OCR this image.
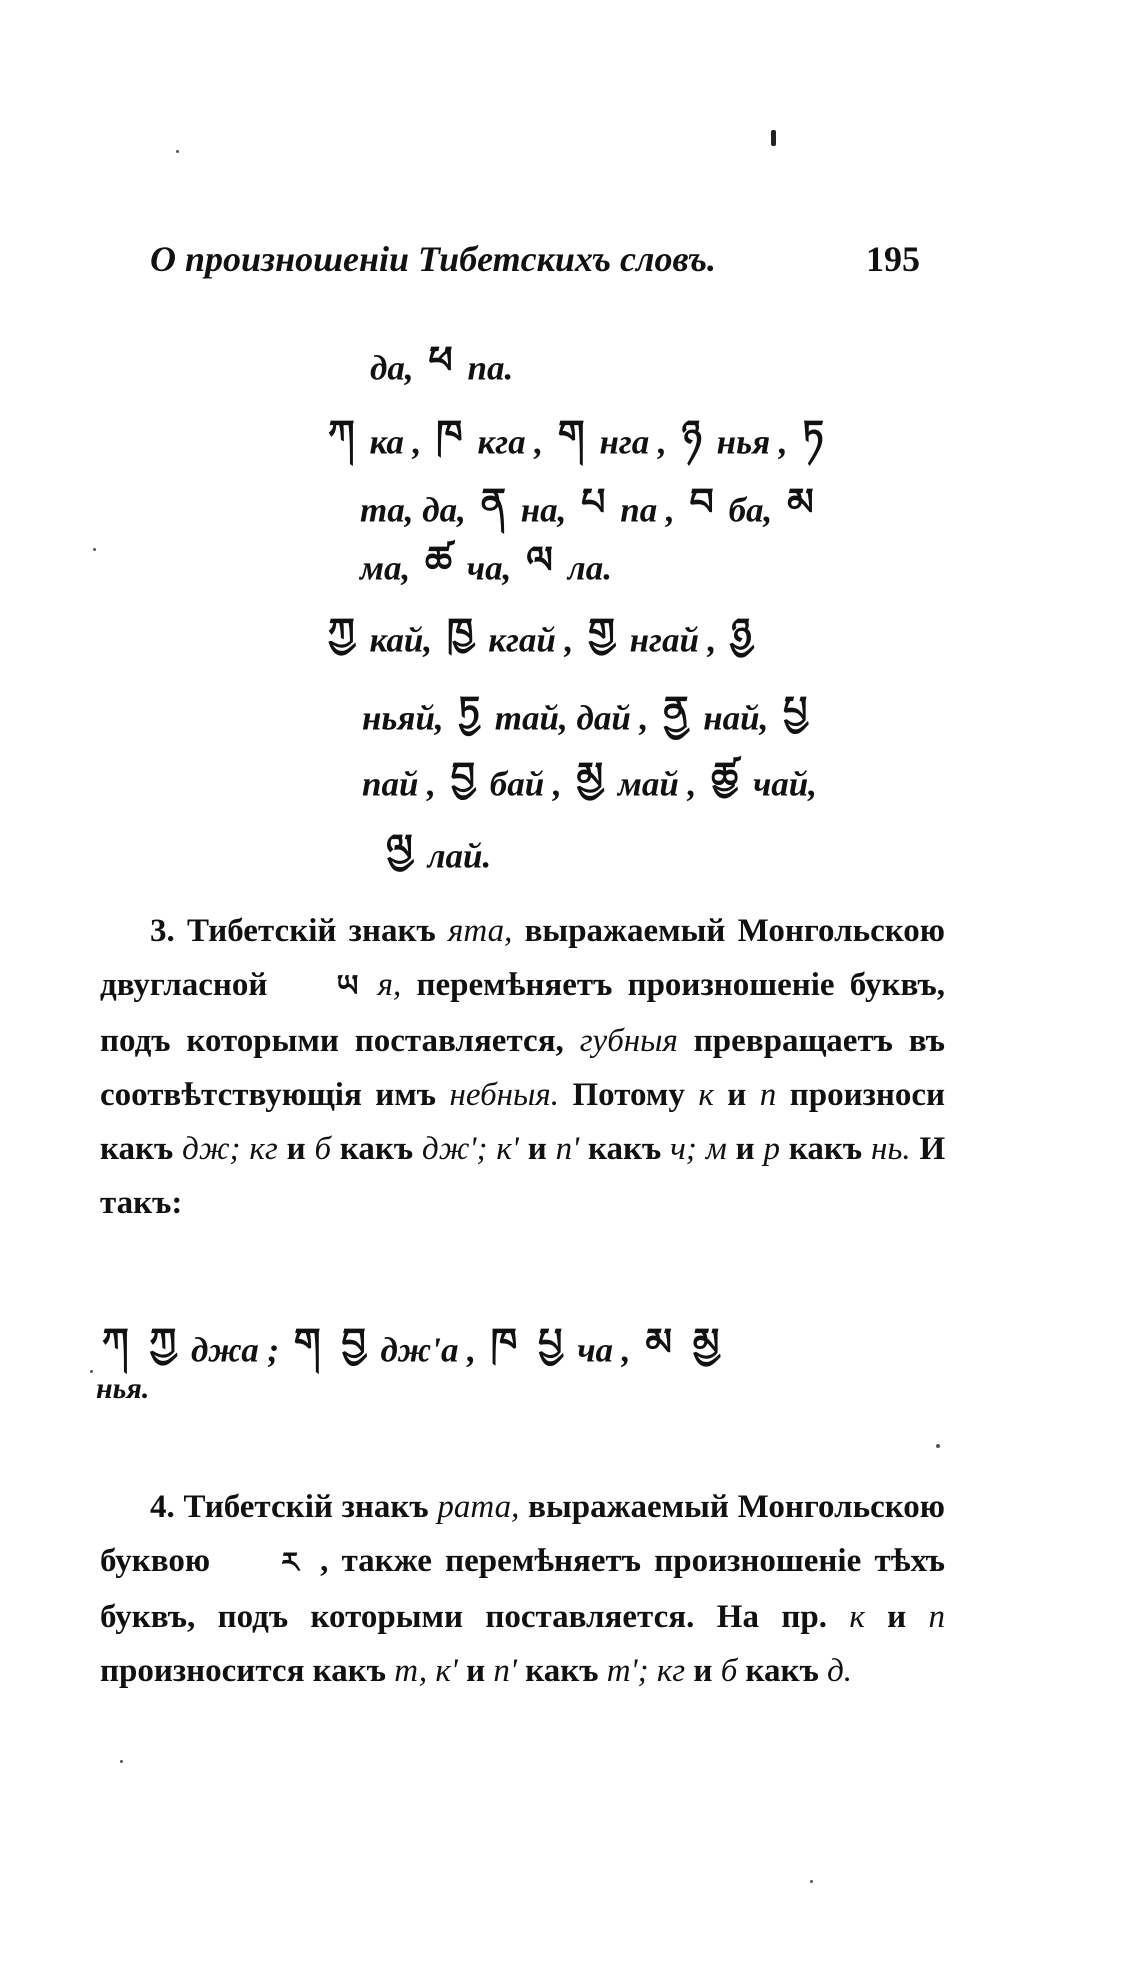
О произношеніи Тибетскихъ словъ.	195
да, ཕ па.
ཀ ка , ཁ кга , ག нга , ཉ нья , ཏ
та, да, ན на, པ па , བ ба, མ
ма, ཚ ча, ལ ла.
ཀྱ кай, ཁྱ кгай , གྱ нгай , ཉྱ
ньяй, ཏྱ тай, дай , ནྱ най, པྱ
пай , བྱ бай , མྱ май , ཚྱ чай,
ལྱ лай.
3. Тибетскій знакъ ята, выражаемый Монгольскою двугласной ཡ я, перемѣняетъ произношеніе буквъ, подъ которыми поставляется, губныя превращаетъ въ соотвѣтствующія имъ небныя. Потому к и п произноси какъ дж; кг и б какъ дж'; к' и п' какъ ч; м и р какъ нь. И такъ:
ཀ ཀྱ джа ; ག བྱ дж'а , ཁ པྱ ча , མ མྱ
нья.
4. Тибетскій знакъ рата, выражаемый Монгольскою буквою	ར , также перемѣняетъ произношеніе тѣхъ буквъ, подъ которыми поставляется. На пр. к и п произносится какъ т, к' и п' какъ т'; кг и б какъ д.
